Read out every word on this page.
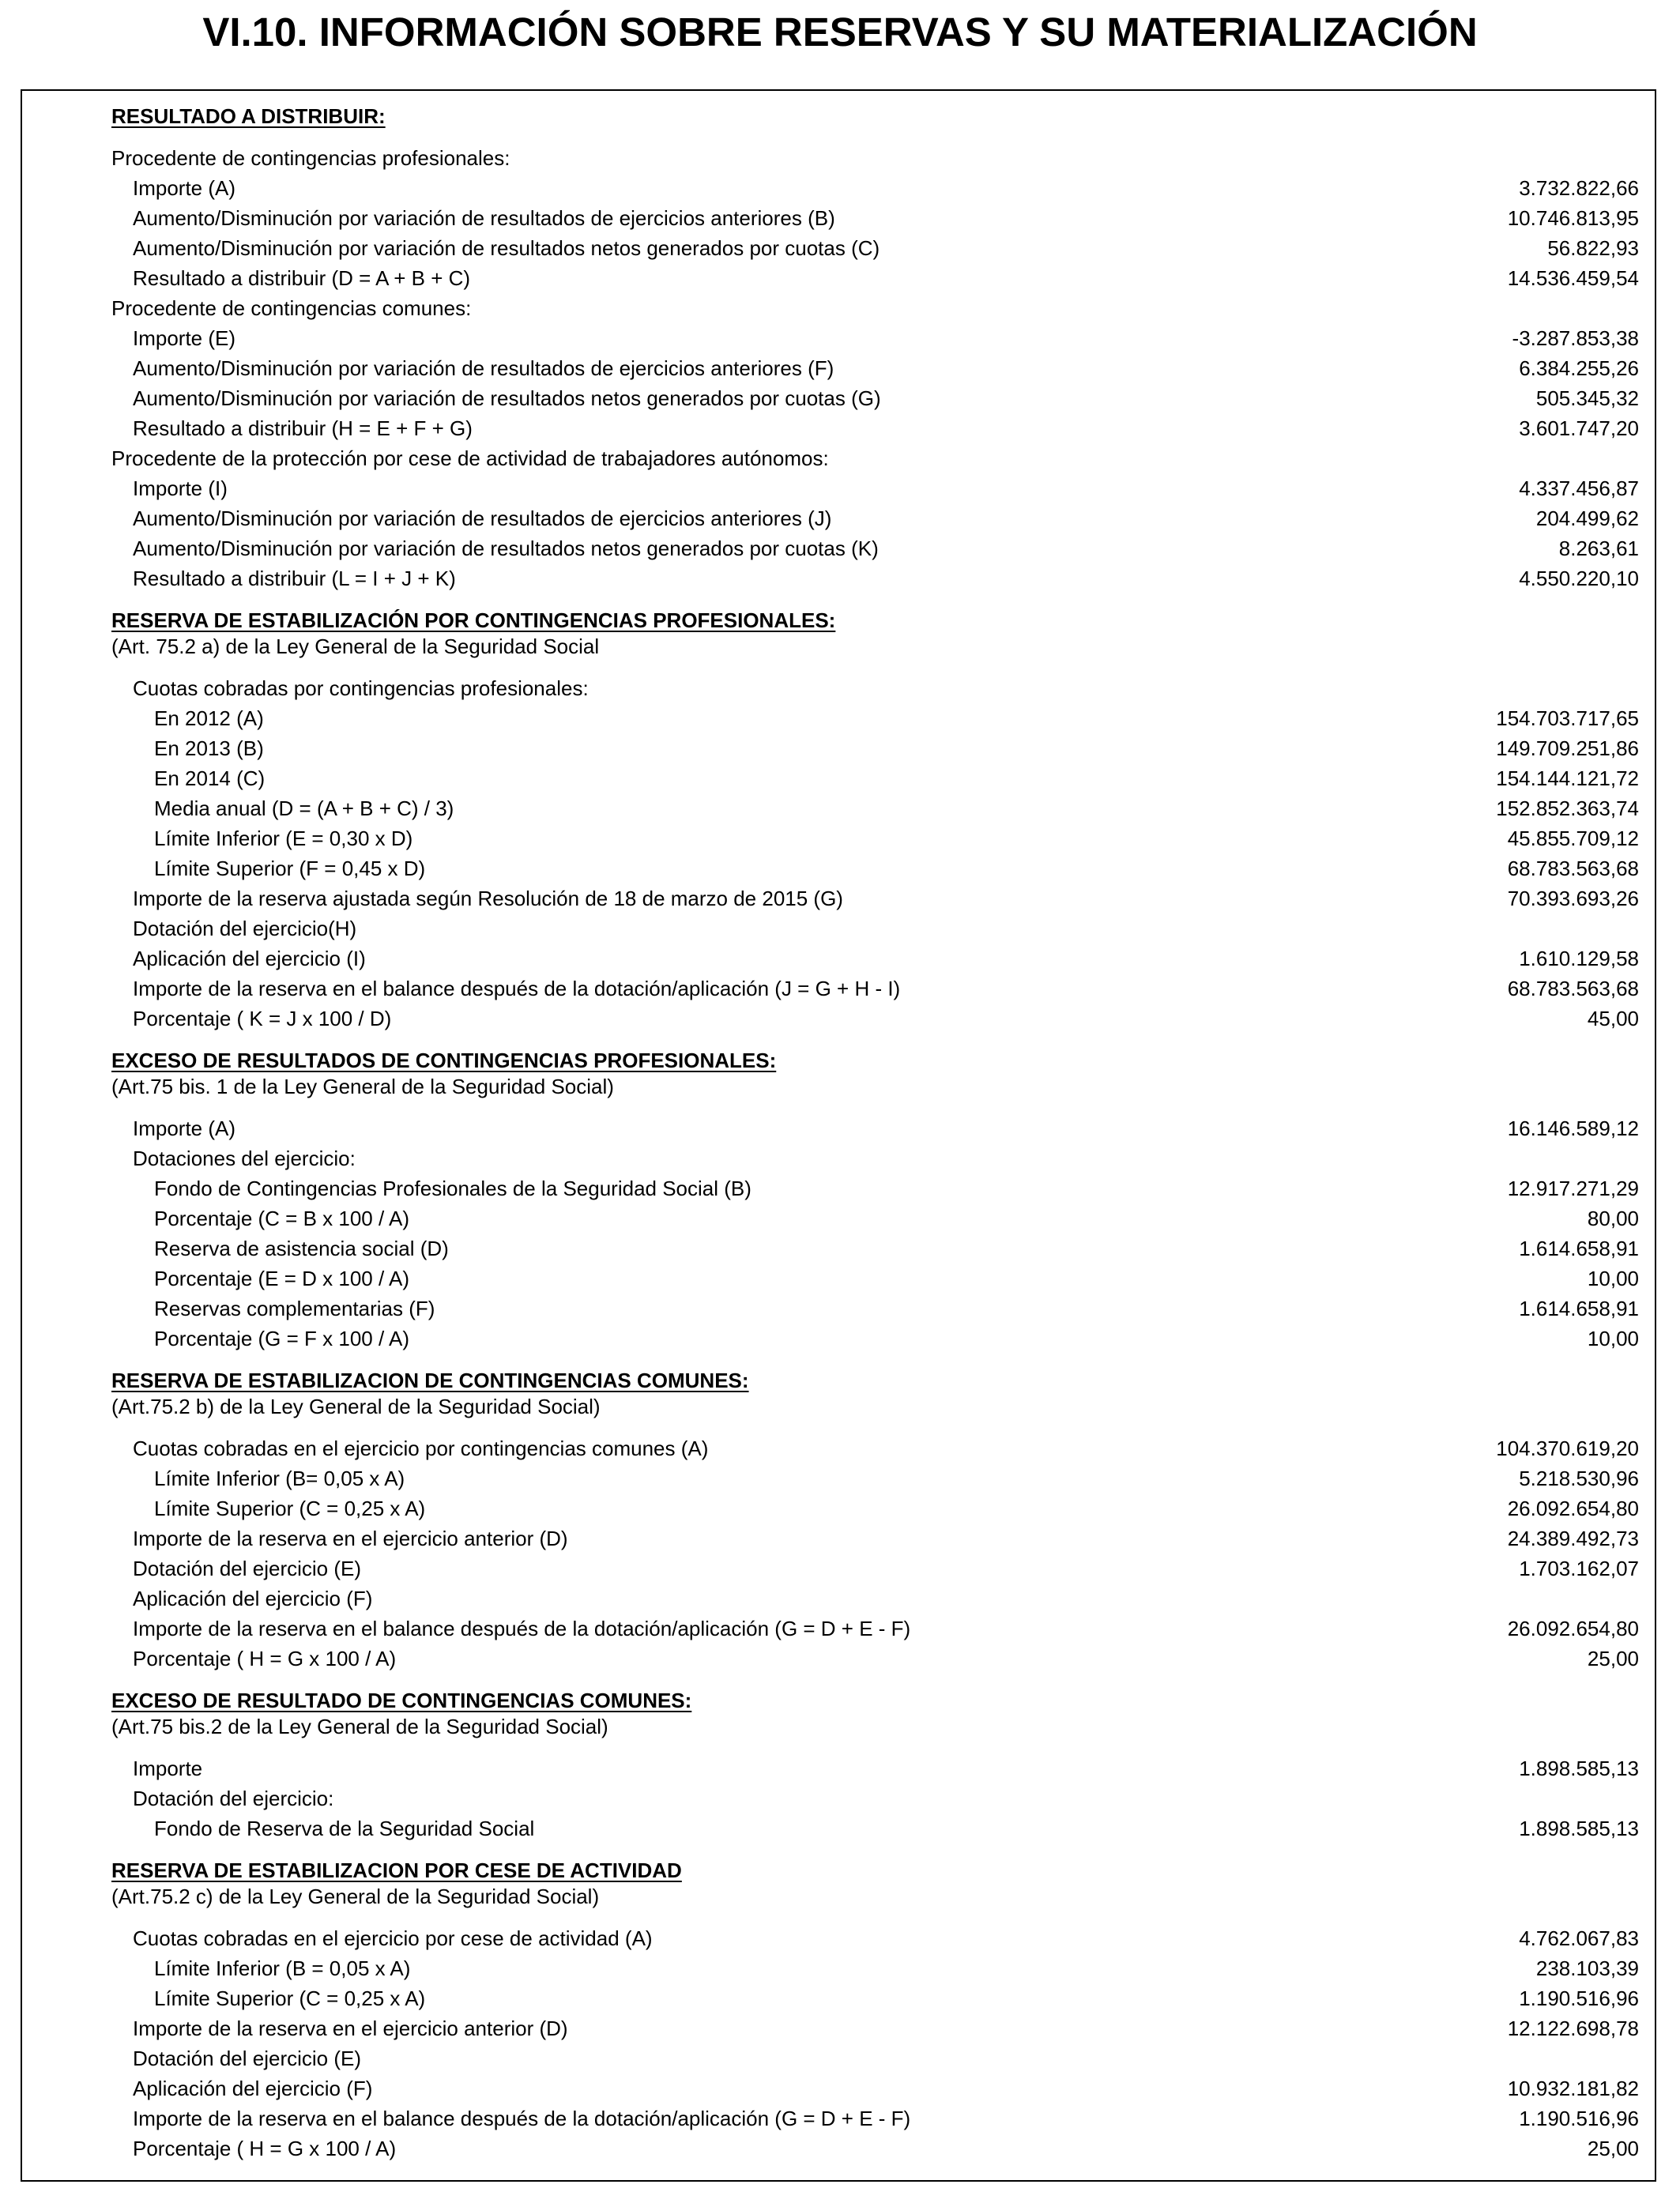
VI.10. INFORMACIÓN SOBRE RESERVAS Y SU MATERIALIZACIÓN
RESULTADO A DISTRIBUIR:
Procedente de contingencias profesionales:
Importe (A)	3.732.822,66
Aumento/Disminución por variación de resultados de ejercicios anteriores (B)	10.746.813,95
Aumento/Disminución por variación de resultados netos generados por cuotas (C)	56.822,93
Resultado a distribuir (D = A + B + C)	14.536.459,54
Procedente de contingencias comunes:
Importe (E)	-3.287.853,38
Aumento/Disminución por variación de resultados de ejercicios anteriores (F)	6.384.255,26
Aumento/Disminución por variación de resultados netos generados por cuotas (G)	505.345,32
Resultado a distribuir (H = E + F + G)	3.601.747,20
Procedente de la protección por cese de actividad de trabajadores autónomos:
Importe (I)	4.337.456,87
Aumento/Disminución por variación de resultados de ejercicios anteriores (J)	204.499,62
Aumento/Disminución por variación de resultados netos generados por cuotas (K)	8.263,61
Resultado a distribuir (L = I + J + K)	4.550.220,10
RESERVA DE ESTABILIZACIÓN POR CONTINGENCIAS PROFESIONALES:
(Art. 75.2 a) de la Ley General de la Seguridad Social
Cuotas cobradas por contingencias profesionales:
En 2012 (A)	154.703.717,65
En 2013 (B)	149.709.251,86
En 2014 (C)	154.144.121,72
Media anual (D = (A + B + C) / 3)	152.852.363,74
Límite Inferior (E = 0,30 x D)	45.855.709,12
Límite Superior (F = 0,45 x D)	68.783.563,68
Importe de la reserva ajustada según Resolución de 18 de marzo de 2015 (G)	70.393.693,26
Dotación del ejercicio(H)
Aplicación del ejercicio (I)	1.610.129,58
Importe de la reserva en el balance después de la dotación/aplicación (J = G + H - I)	68.783.563,68
Porcentaje ( K = J x 100 / D)	45,00
EXCESO DE RESULTADOS DE CONTINGENCIAS PROFESIONALES:
(Art.75 bis. 1 de la Ley General de la Seguridad Social)
Importe (A)	16.146.589,12
Dotaciones del ejercicio:
Fondo de Contingencias Profesionales de la Seguridad Social (B)	12.917.271,29
Porcentaje (C = B x 100 / A)	80,00
Reserva de asistencia social (D)	1.614.658,91
Porcentaje (E = D x 100 / A)	10,00
Reservas complementarias (F)	1.614.658,91
Porcentaje (G = F x 100 / A)	10,00
RESERVA DE ESTABILIZACION DE CONTINGENCIAS COMUNES:
(Art.75.2 b) de la Ley General de la Seguridad Social)
Cuotas cobradas en el ejercicio por contingencias comunes (A)	104.370.619,20
Límite Inferior (B= 0,05 x A)	5.218.530,96
Límite Superior (C = 0,25 x A)	26.092.654,80
Importe de la reserva en el ejercicio anterior (D)	24.389.492,73
Dotación del ejercicio (E)	1.703.162,07
Aplicación del ejercicio (F)
Importe de la reserva en el balance después de la dotación/aplicación (G = D + E - F)	26.092.654,80
Porcentaje ( H = G x 100 / A)	25,00
EXCESO DE RESULTADO DE CONTINGENCIAS COMUNES:
(Art.75 bis.2 de la Ley General de la Seguridad Social)
Importe	1.898.585,13
Dotación del ejercicio:
Fondo de Reserva de la Seguridad Social	1.898.585,13
RESERVA DE ESTABILIZACION POR CESE DE ACTIVIDAD
(Art.75.2 c) de la Ley General de la Seguridad Social)
Cuotas cobradas en el ejercicio por cese de actividad (A)	4.762.067,83
Límite Inferior (B = 0,05 x A)	238.103,39
Límite Superior (C = 0,25 x A)	1.190.516,96
Importe de la reserva en el ejercicio anterior (D)	12.122.698,78
Dotación del ejercicio (E)
Aplicación del ejercicio (F)	10.932.181,82
Importe de la reserva en el balance después de la dotación/aplicación (G = D + E - F)	1.190.516,96
Porcentaje ( H = G x 100 / A)	25,00
